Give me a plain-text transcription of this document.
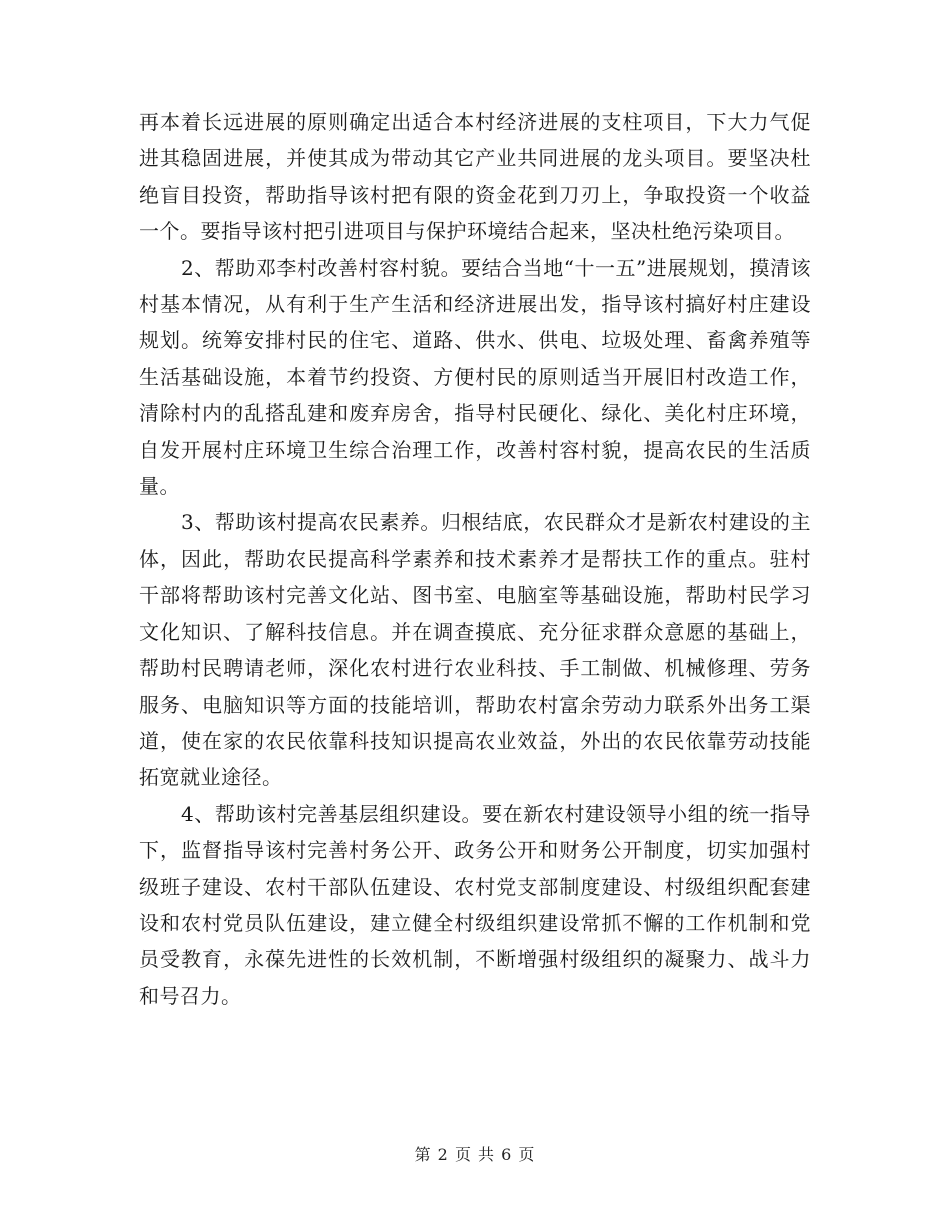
再本着长远进展的原则确定出适合本村经济进展的支柱项目，下大力气促进其稳固进展，并使其成为带动其它产业共同进展的龙头项目。要坚决杜绝盲目投资，帮助指导该村把有限的资金花到刀刃上，争取投资一个收益一个。要指导该村把引进项目与保护环境结合起来，坚决杜绝污染项目。

2、帮助邓李村改善村容村貌。要结合当地“十一五”进展规划，摸清该村基本情况，从有利于生产生活和经济进展出发，指导该村搞好村庄建设规划。统筹安排村民的住宅、道路、供水、供电、垃圾处理、畜禽养殖等生活基础设施，本着节约投资、方便村民的原则适当开展旧村改造工作，清除村内的乱搭乱建和废弃房舍，指导村民硬化、绿化、美化村庄环境，自发开展村庄环境卫生综合治理工作，改善村容村貌，提高农民的生活质量。

3、帮助该村提高农民素养。归根结底，农民群众才是新农村建设的主体，因此，帮助农民提高科学素养和技术素养才是帮扶工作的重点。驻村干部将帮助该村完善文化站、图书室、电脑室等基础设施，帮助村民学习文化知识、了解科技信息。并在调查摸底、充分征求群众意愿的基础上，帮助村民聘请老师，深化农村进行农业科技、手工制做、机械修理、劳务服务、电脑知识等方面的技能培训，帮助农村富余劳动力联系外出务工渠道，使在家的农民依靠科技知识提高农业效益，外出的农民依靠劳动技能拓宽就业途径。

4、帮助该村完善基层组织建设。要在新农村建设领导小组的统一指导下，监督指导该村完善村务公开、政务公开和财务公开制度，切实加强村级班子建设、农村干部队伍建设、农村党支部制度建设、村级组织配套建设和农村党员队伍建设，建立健全村级组织建设常抓不懈的工作机制和党员受教育，永葆先进性的长效机制，不断增强村级组织的凝聚力、战斗力和号召力。

第 2 页 共 6 页
